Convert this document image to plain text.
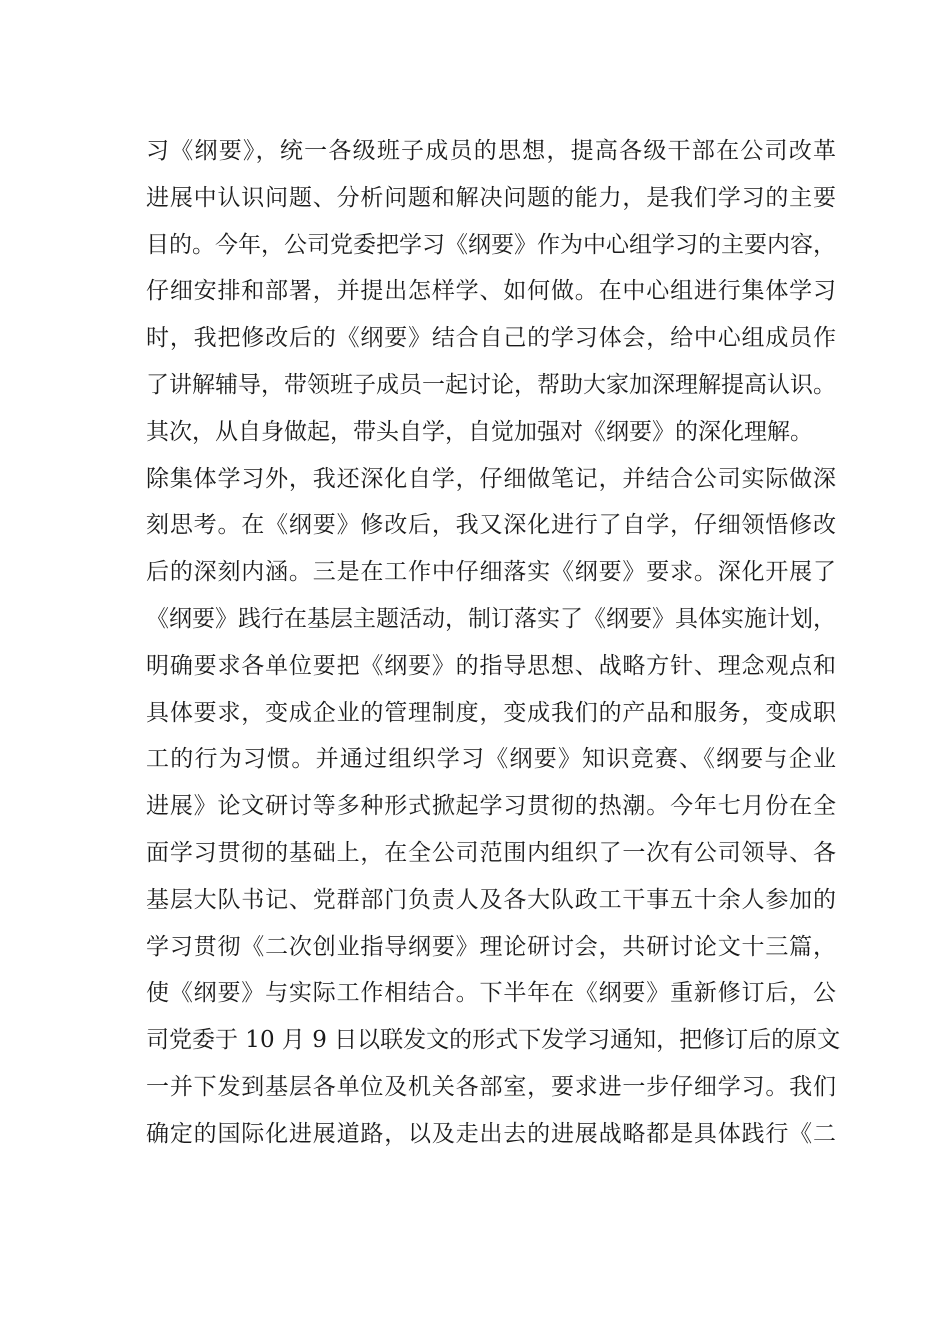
习《纲要》，统一各级班子成员的思想，提高各级干部在公司改革
进展中认识问题、分析问题和解决问题的能力，是我们学习的主要
目的。今年，公司党委把学习《纲要》作为中心组学习的主要内容，
仔细安排和部署，并提出怎样学、如何做。在中心组进行集体学习
时，我把修改后的《纲要》结合自己的学习体会，给中心组成员作
了讲解辅导，带领班子成员一起讨论，帮助大家加深理解提高认识。
其次，从自身做起，带头自学，自觉加强对《纲要》的深化理解。
除集体学习外，我还深化自学，仔细做笔记，并结合公司实际做深
刻思考。在《纲要》修改后，我又深化进行了自学，仔细领悟修改
后的深刻内涵。三是在工作中仔细落实《纲要》要求。深化开展了
《纲要》践行在基层主题活动，制订落实了《纲要》具体实施计划，
明确要求各单位要把《纲要》的指导思想、战略方针、理念观点和
具体要求，变成企业的管理制度，变成我们的产品和服务，变成职
工的行为习惯。并通过组织学习《纲要》知识竞赛、《纲要与企业
进展》论文研讨等多种形式掀起学习贯彻的热潮。今年七月份在全
面学习贯彻的基础上，在全公司范围内组织了一次有公司领导、各
基层大队书记、党群部门负责人及各大队政工干事五十余人参加的
学习贯彻《二次创业指导纲要》理论研讨会，共研讨论文十三篇，
使《纲要》与实际工作相结合。下半年在《纲要》重新修订后，公
司党委于 10 月 9 日以联发文的形式下发学习通知，把修订后的原文
一并下发到基层各单位及机关各部室，要求进一步仔细学习。我们
确定的国际化进展道路，以及走出去的进展战略都是具体践行《二
